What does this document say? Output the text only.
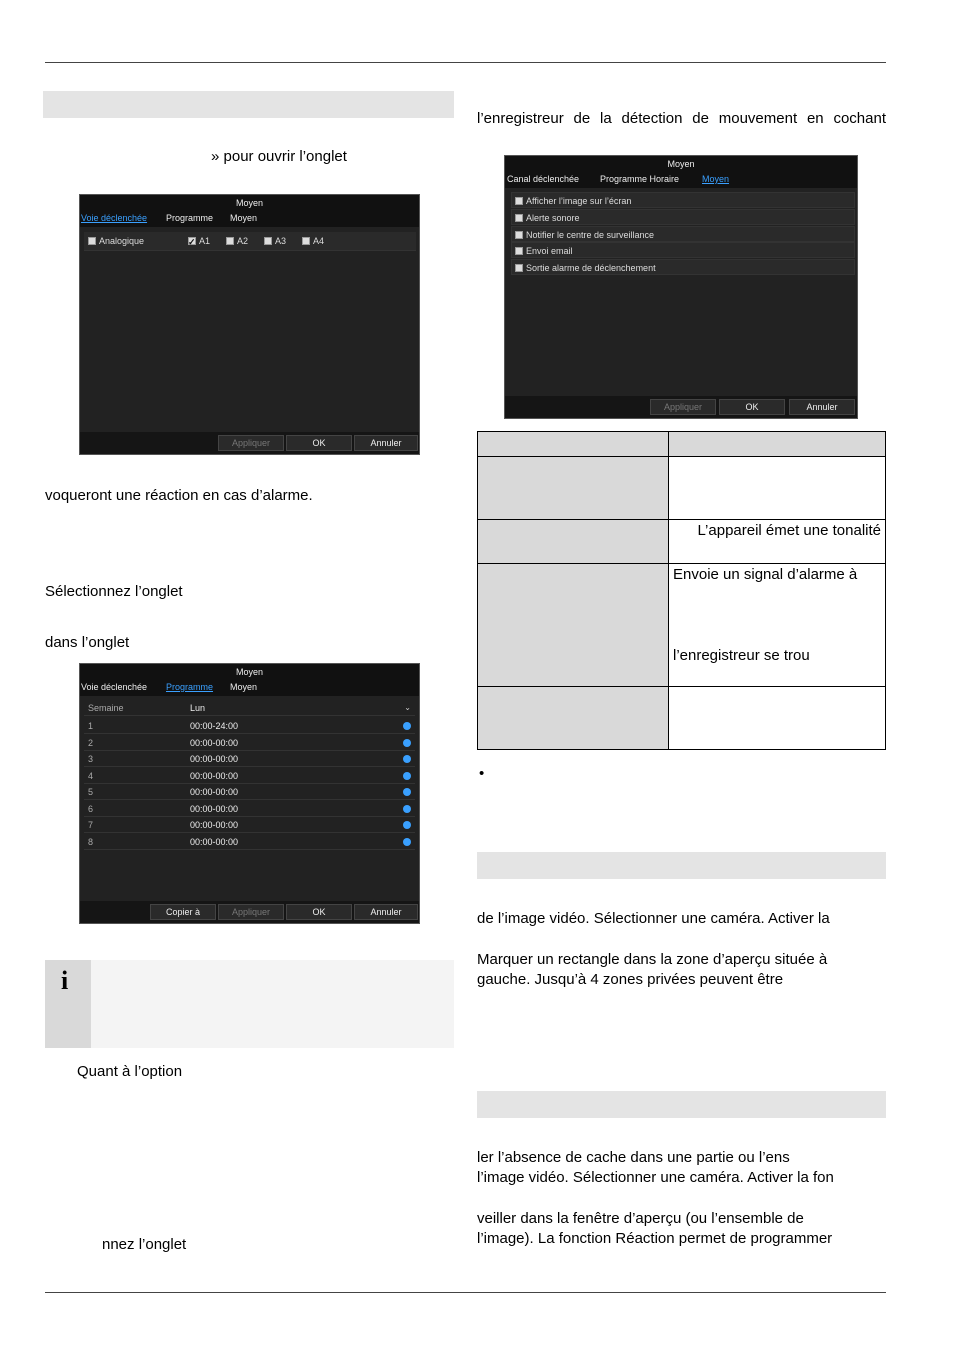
» pour ouvrir l’onglet
Moyen
Voie déclenchée Programme Moyen
Analogique ✓	A1	A2	A3	A4
Appliquer	OK	Annuler
voqueront une réaction en cas d’alarme.
Sélectionnez l’onglet
dans l’onglet
Moyen
Voie déclenchée Programme Moyen
Semaine	Lun	⌄
1	00:00-24:00
2	00:00-00:00
3	00:00-00:00
4	00:00-00:00
5	00:00-00:00
6	00:00-00:00
7	00:00-00:00
8	00:00-00:00
Copier à	Appliquer	OK	Annuler
i
Quant à l’option
nnez l’onglet
l’enregistreur de la détection de mouvement en cochant
Moyen
Canal déclenchée Programme Horaire	Moyen
Afficher l’image sur l’écran
Alerte sonore
Notifier le centre de surveillance
Envoi email
Sortie alarme de déclenchement
Appliquer	OK	Annuler

	L’appareil émet une tonalité

	Envoie un signal d’alarme à
l’enregistreur se trou

•
de l’image vidéo. Sélectionner une caméra. Activer la
Marquer un rectangle dans la zone d’aperçu située à
gauche. Jusqu’à 4 zones privées peuvent être
ler l’absence de cache dans une partie ou l’ens
l’image vidéo. Sélectionner une caméra. Activer la fon
veiller dans la fenêtre d’aperçu (ou l’ensemble de
l’image). La fonction Réaction permet de programmer
